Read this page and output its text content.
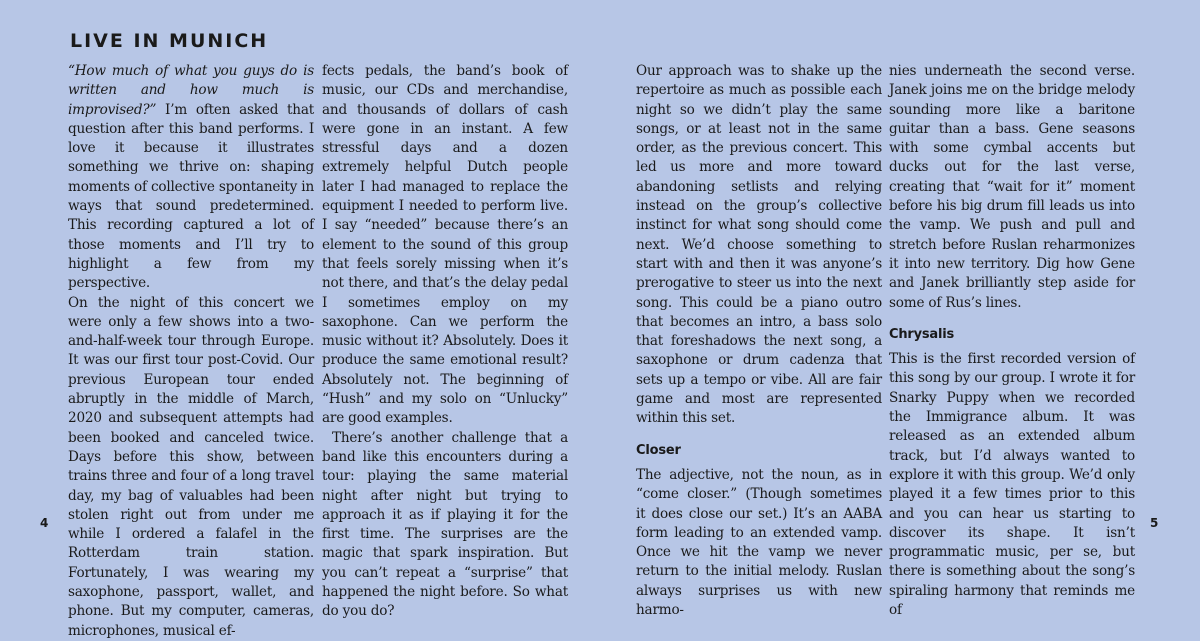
LIVE IN MUNICH

“How much of what you guys do is written and how much is improvised?” I’m often asked that question after this band performs. I love it because it illustrates something we thrive on: shaping moments of collective spontaneity in ways that sound predetermined. This recording captured a lot of those moments and I’ll try to highlight a few from my perspective.

On the night of this concert we were only a few shows into a two-and-half-week tour through Europe. It was our first tour post-Covid. Our previous European tour ended abruptly in the middle of March, 2020 and subsequent attempts had been booked and canceled twice. Days before this show, between trains three and four of a long travel day, my bag of valuables had been stolen right out from under me while I ordered a falafel in the Rotterdam train station. Fortunately, I was wearing my saxophone, passport, wallet, and phone. But my computer, cameras, microphones, musical ef-

fects pedals, the band’s book of music, our CDs and merchandise, and thousands of dollars of cash were gone in an instant. A few stressful days and a dozen extremely helpful Dutch people later I had managed to replace the equipment I needed to perform live. I say “needed” because there’s an element to the sound of this group that feels sorely missing when it’s not there, and that’s the delay pedal I sometimes employ on my saxophone. Can we perform the music without it? Absolutely. Does it produce the same emotional result? Absolutely not. The beginning of “Hush” and my solo on “Unlucky” are good examples.

There’s another challenge that a band like this encounters during a tour: playing the same material night after night but trying to approach it as if playing it for the first time. The surprises are the magic that spark inspiration. But you can’t repeat a “surprise” that happened the night before. So what do you do?

Our approach was to shake up the repertoire as much as possible each night so we didn’t play the same songs, or at least not in the same order, as the previous concert. This led us more and more toward abandoning setlists and relying instead on the group’s collective instinct for what song should come next. We’d choose something to start with and then it was anyone’s prerogative to steer us into the next song. This could be a piano outro that becomes an intro, a bass solo that foreshadows the next song, a saxophone or drum cadenza that sets up a tempo or vibe. All are fair game and most are represented within this set.

Closer

The adjective, not the noun, as in “come closer.” (Though sometimes it does close our set.) It’s an AABA form leading to an extended vamp. Once we hit the vamp we never return to the initial melody. Ruslan always surprises us with new harmo-

nies underneath the second verse. Janek joins me on the bridge melody sounding more like a baritone guitar than a bass. Gene seasons with some cymbal accents but ducks out for the last verse, creating that “wait for it” moment before his big drum fill leads us into the vamp. We push and pull and stretch before Ruslan reharmonizes it into new territory. Dig how Gene and Janek brilliantly step aside for some of Rus’s lines.

Chrysalis

This is the first recorded version of this song by our group. I wrote it for Snarky Puppy when we recorded the Immigrance album. It was released as an extended album track, but I’d always wanted to explore it with this group. We’d only played it a few times prior to this and you can hear us starting to discover its shape. It isn’t programmatic music, per se, but there is something about the song’s spiraling harmony that reminds me of

4	5
